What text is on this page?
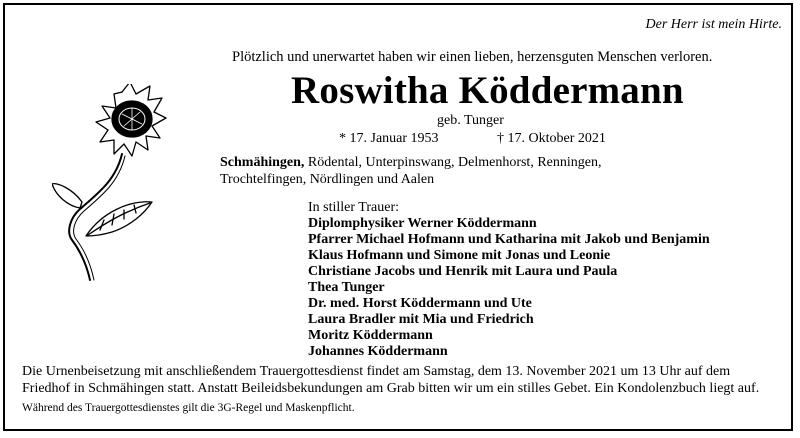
Der Herr ist mein Hirte.
Plötzlich und unerwartet haben wir einen lieben, herzensguten Menschen verloren.
Roswitha Köddermann
geb. Tunger
* 17. Januar 1953	† 17. Oktober 2021
Schmähingen, Rödental, Unterpinswang, Delmenhorst, Renningen,
Trochtelfingen, Nördlingen und Aalen
In stiller Trauer:
Diplomphysiker Werner Köddermann
Pfarrer Michael Hofmann und Katharina mit Jakob und Benjamin
Klaus Hofmann und Simone mit Jonas und Leonie
Christiane Jacobs und Henrik mit Laura und Paula
Thea Tunger
Dr. med. Horst Köddermann und Ute
Laura Bradler mit Mia und Friedrich
Moritz Köddermann
Johannes Köddermann
Die Urnenbeisetzung mit anschließendem Trauergottesdienst findet am Samstag, dem 13. November 2021 um 13 Uhr auf dem
Friedhof in Schmähingen statt. Anstatt Beileidsbekundungen am Grab bitten wir um ein stilles Gebet. Ein Kondolenzbuch liegt auf.
Während des Trauergottesdienstes gilt die 3G-Regel und Maskenpflicht.
